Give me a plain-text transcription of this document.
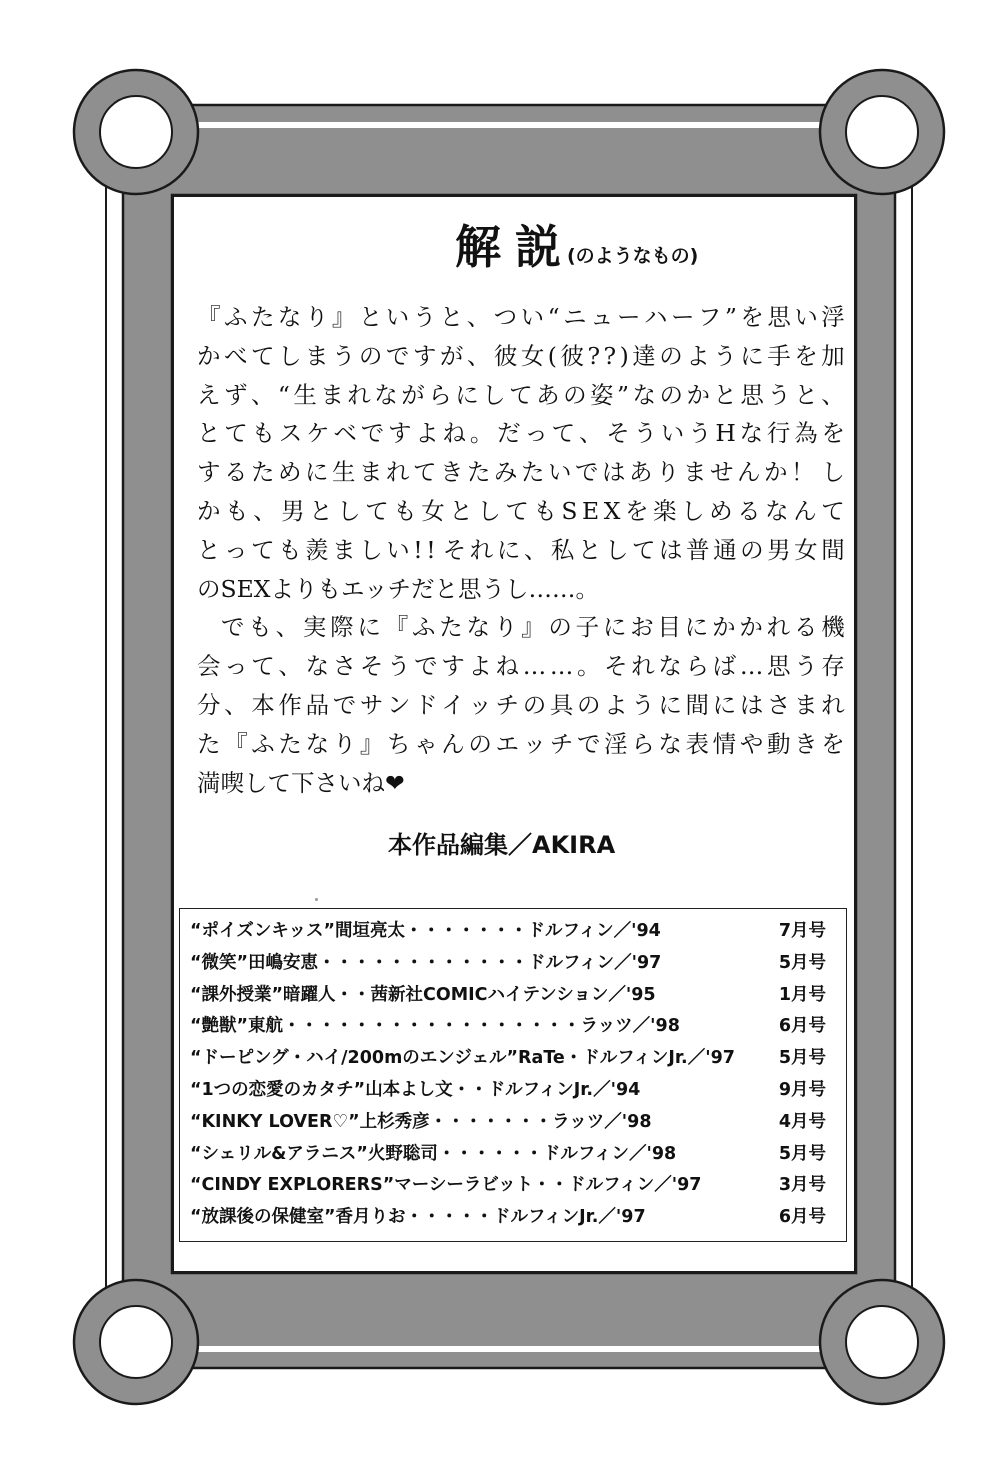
解説
(のようなもの)

『 ふ た な り 』 と い う と 、 つ い “ ニ ュ ー ハ ー フ ” を 思 い 浮

か べ て し ま う の で す が 、 彼 女 ( 彼 ? ? ) 達 の よ う に 手 を 加

え ず 、 “ 生 ま れ な が ら に し て あ の 姿 ” な の か と 思 う と 、

と て も ス ケ ベ で す よ ね 。 だ っ て 、 そ う い う H な 行 為 を

す る た め に 生 ま れ て き た み た い で は あ り ま せ ん か ！ し

か も 、 男 と し て も 女 と し て も S E X を 楽 し め る な ん て

と っ て も 羨 ま し い ! ! そ れ に 、 私 と し て は 普 通 の 男 女 間

のSEXよりもエッチだと思うし……。

で も 、 実 際 に 『 ふ た な り 』 の 子 に お 目 に か か れ る 機

会 っ て 、 な さ そ う で す よ ね … … 。 そ れ な ら ば … 思 う 存

分 、 本 作 品 で サ ン ド イ ッ チ の 具 の よ う に 間 に は さ ま れ

た 『 ふ た な り 』 ち ゃ ん の エ ッ チ で 淫 ら な 表 情 や 動 き を

満喫して下さいね❤

本作品編集／AKIRA
“ポイズンキッス”間垣亮太・・・・・・・ドルフィン／'94	7月号
“微笑”田嶋安恵・・・・・・・・・・・・ドルフィン／'97	5月号
“課外授業”暗躍人・・茜新社COMICハイテンション／'95	1月号
“艶獣”東航・・・・・・・・・・・・・・・・・ラッツ／'98	6月号
“ドーピング・ハイ/200mのエンジェル”RaTe・ドルフィンJr.／'97	5月号
“1つの恋愛のカタチ”山本よし文・・ドルフィンJr.／'94	9月号
“KINKY LOVER♡”上杉秀彦・・・・・・・ラッツ／'98	4月号
“シェリル&アラニス”火野聡司・・・・・・ドルフィン／'98	5月号
“CINDY EXPLORERS”マーシーラビット・・ドルフィン／'97	3月号
“放課後の保健室”香月りお・・・・・ドルフィンJr.／'97	6月号
